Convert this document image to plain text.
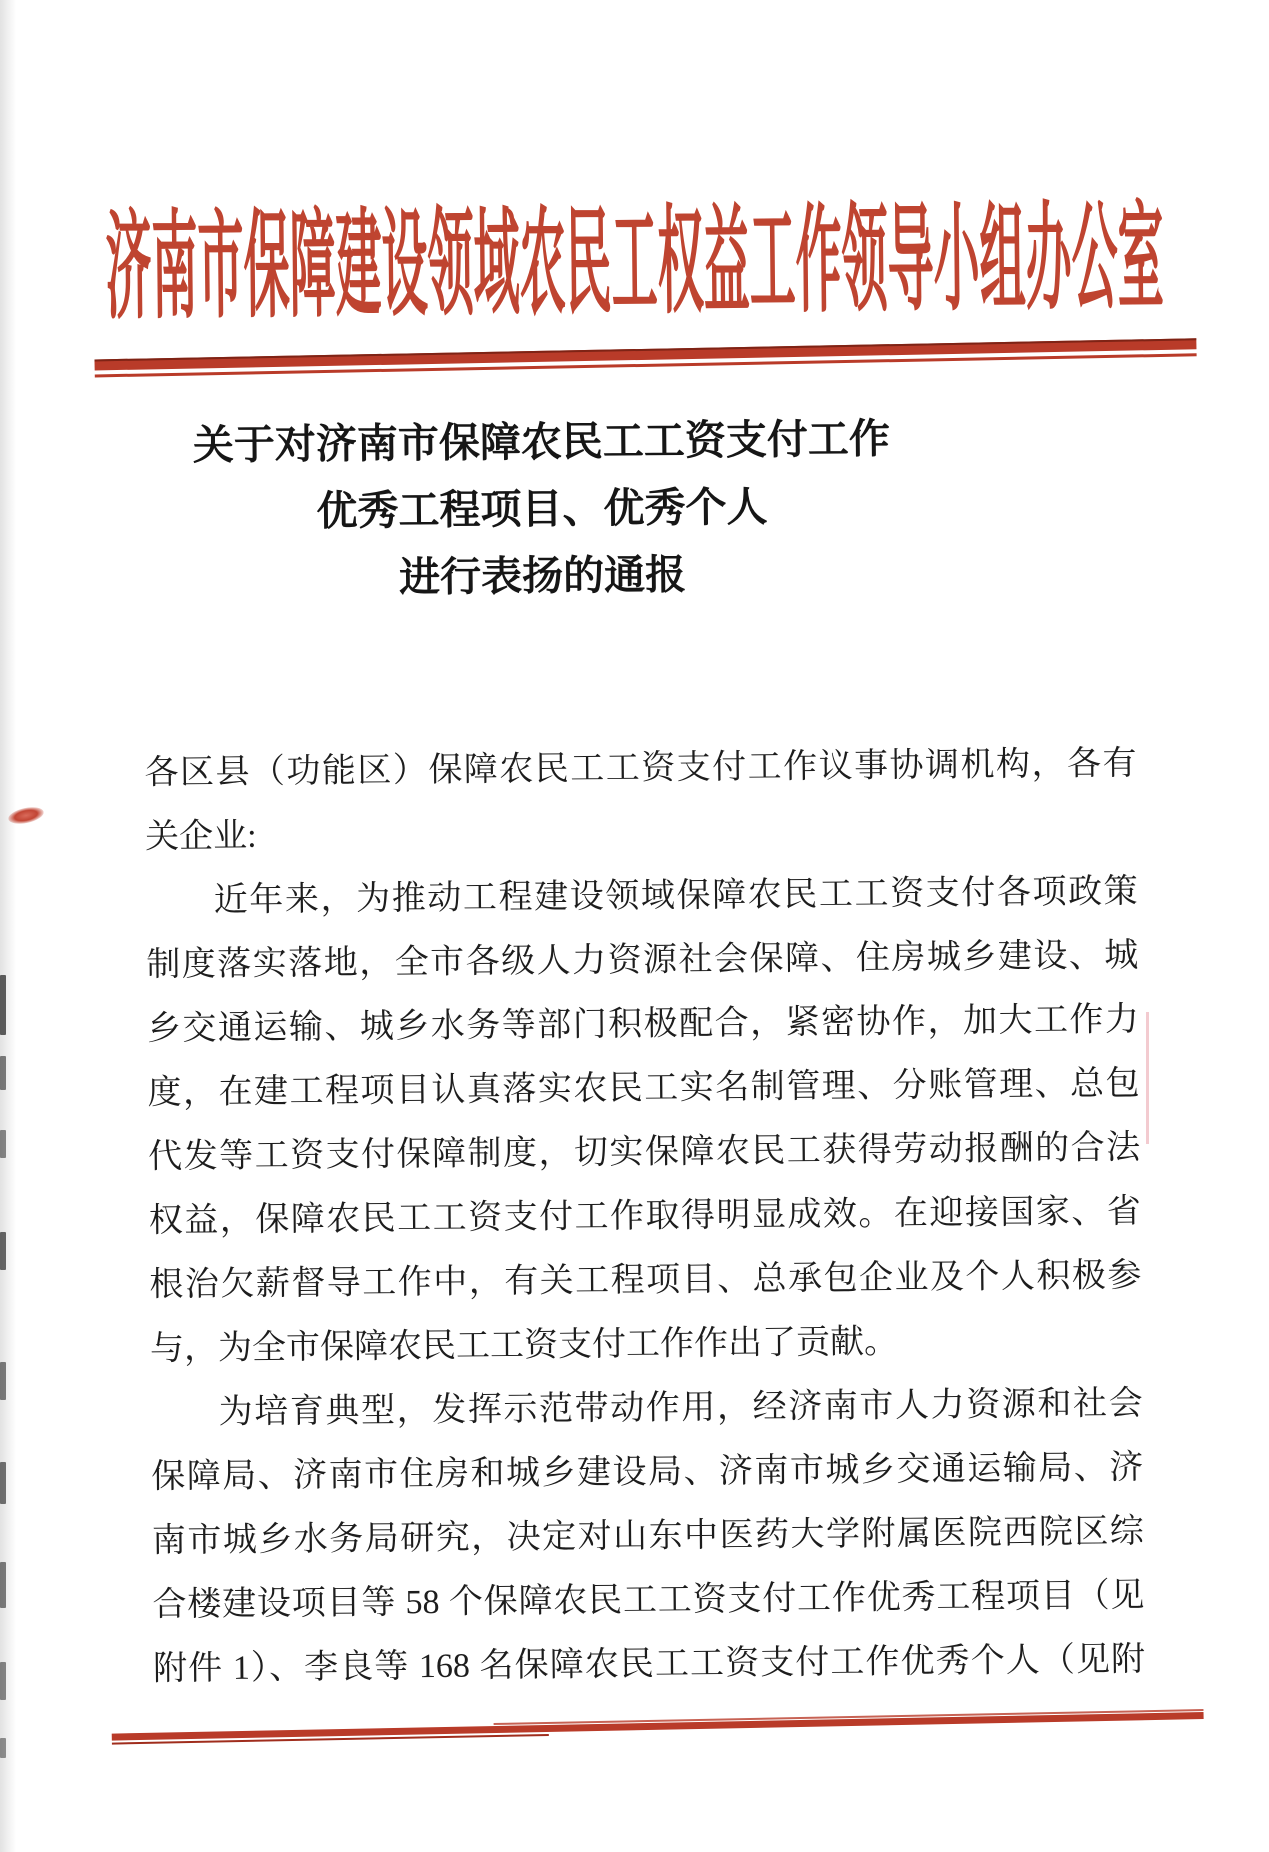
济南市保障建设领域农民工权益工作领导小组办公室
关于对济南市保障农民工工资支付工作
优秀工程项目、优秀个人
进行表扬的通报
各区县（功能区）保障农民工工资支付工作议事协调机构，各有
关企业:
近年来，为推动工程建设领域保障农民工工资支付各项政策
制度落实落地，全市各级人力资源社会保障、住房城乡建设、城
乡交通运输、城乡水务等部门积极配合，紧密协作，加大工作力
度，在建工程项目认真落实农民工实名制管理、分账管理、总包
代发等工资支付保障制度，切实保障农民工获得劳动报酬的合法
权益，保障农民工工资支付工作取得明显成效。在迎接国家、省
根治欠薪督导工作中，有关工程项目、总承包企业及个人积极参
与，为全市保障农民工工资支付工作作出了贡献。
为培育典型，发挥示范带动作用，经济南市人力资源和社会
保障局、济南市住房和城乡建设局、济南市城乡交通运输局、济
南市城乡水务局研究，决定对山东中医药大学附属医院西院区综
合楼建设项目等 58 个保障农民工工资支付工作优秀工程项目（见
附件 1）、李良等 168 名保障农民工工资支付工作优秀个人（见附
